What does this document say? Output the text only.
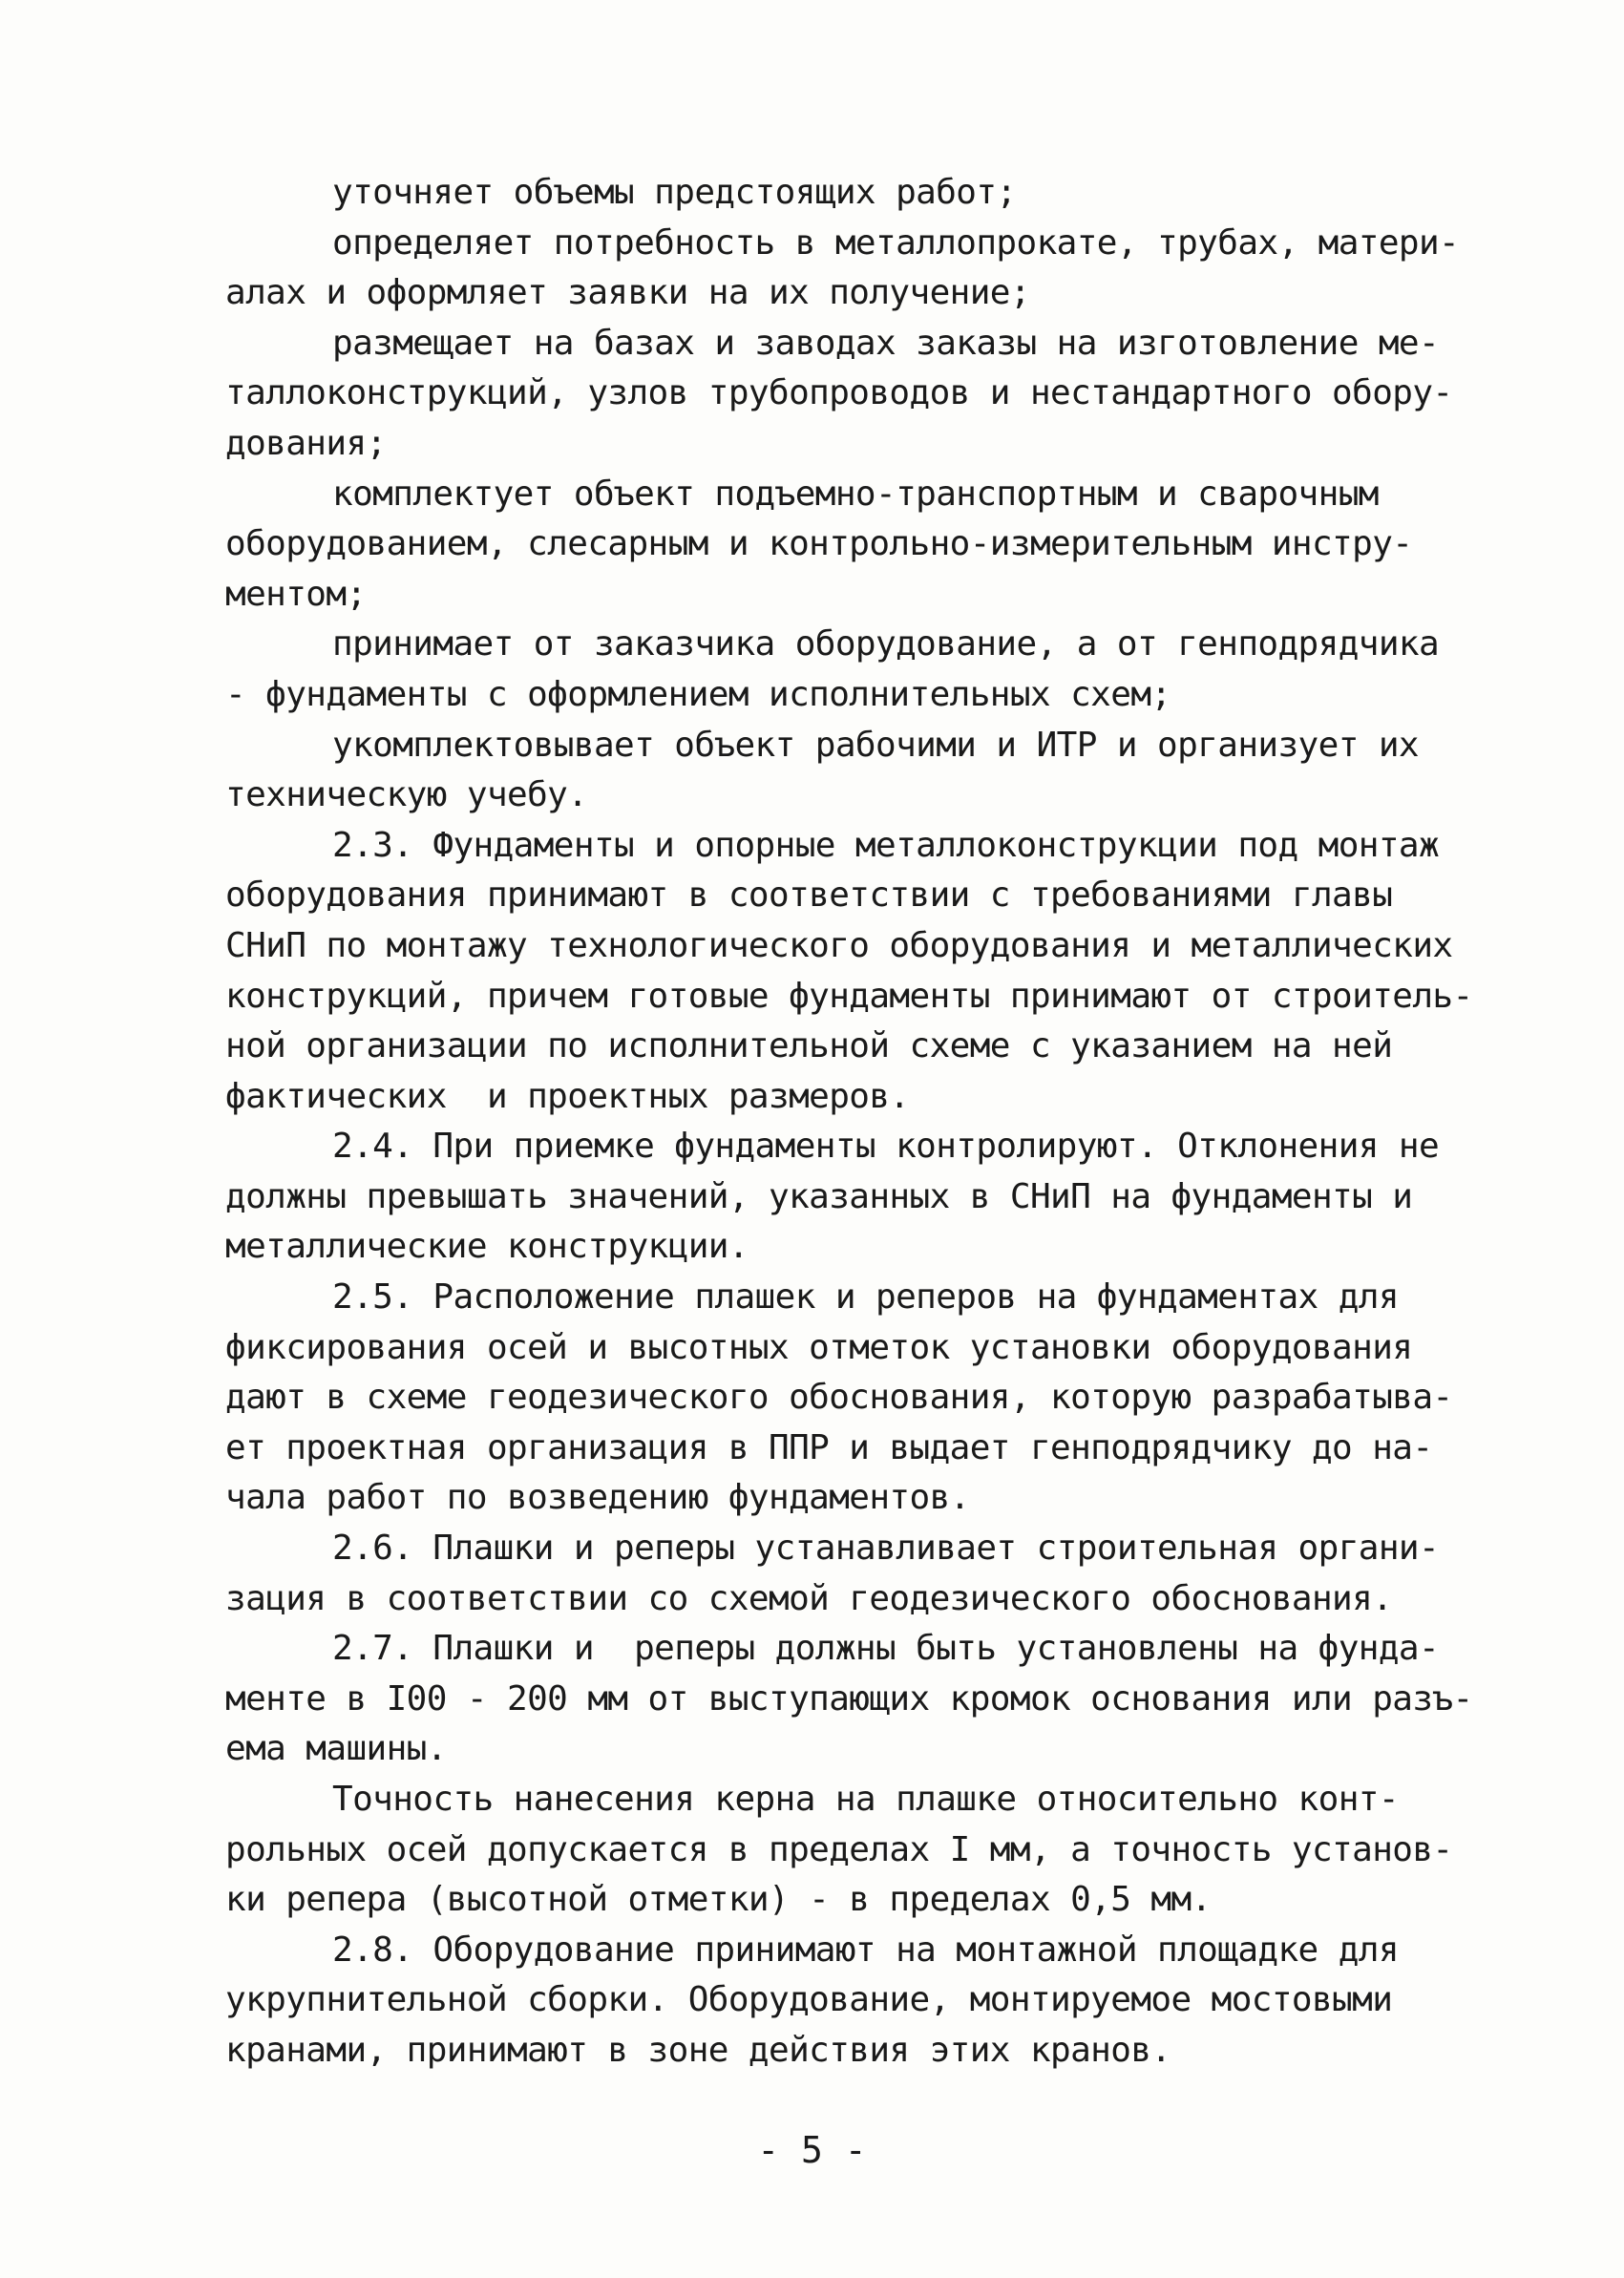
уточняет объемы предстоящих работ;
определяет потребность в металлопрокате, трубах, матери-
алах и оформляет заявки на их получение;
размещает на базах и заводах заказы на изготовление ме-
таллоконструкций, узлов трубопроводов и нестандартного обору-
дования;
комплектует объект подъемно-транспортным и сварочным
оборудованием, слесарным и контрольно-измерительным инстру-
ментом;
принимает от заказчика оборудование, а от генподрядчика
- фундаменты с оформлением исполнительных схем;
укомплектовывает объект рабочими и ИТР и организует их
техническую учебу.
2.3. Фундаменты и опорные металлоконструкции под монтаж
оборудования принимают в соответствии с требованиями главы
СНиП по монтажу технологического оборудования и металлических
конструкций, причем готовые фундаменты принимают от строитель-
ной организации по исполнительной схеме с указанием на ней
фактических  и проектных размеров.
2.4. При приемке фундаменты контролируют. Отклонения не
должны превышать значений, указанных в СНиП на фундаменты и
металлические конструкции.
2.5. Расположение плашек и реперов на фундаментах для
фиксирования осей и высотных отметок установки оборудования
дают в схеме геодезического обоснования, которую разрабатыва-
ет проектная организация в ППР и выдает генподрядчику до на-
чала работ по возведению фундаментов.
2.6. Плашки и реперы устанавливает строительная органи-
зация в соответствии со схемой геодезического обоснования.
2.7. Плашки и  реперы должны быть установлены на фунда-
менте в I00 - 200 мм от выступающих кромок основания или разъ-
ема машины.
Точность нанесения керна на плашке относительно конт-
рольных осей допускается в пределах I мм, а точность установ-
ки репера (высотной отметки) - в пределах 0,5 мм.
2.8. Оборудование принимают на монтажной площадке для
укрупнительной сборки. Оборудование, монтируемое мостовыми
кранами, принимают в зоне действия этих кранов.
- 5 -
